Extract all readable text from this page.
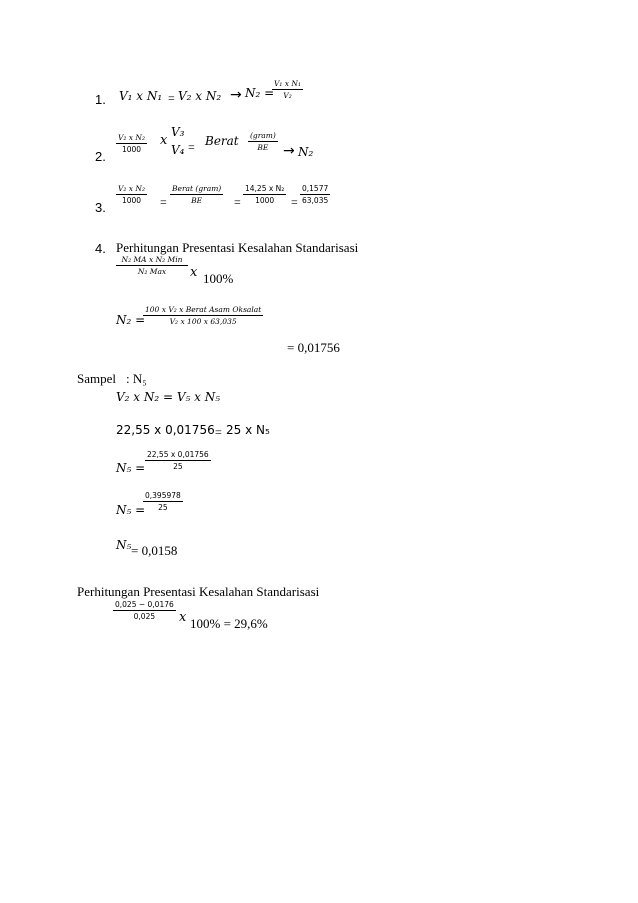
1. V₁ x N₁ = V₂ x N₂ → N₂ =
V₁ x N₁
V₂
2.
V₂ x N₂
1000
x
V₃
V₄ = Berat (gram)
BE	→ N₂
3.
V₂ x N₂
1000	=
Berat (gram)
BE	=
14,25 x N₂
1000	=
0,1577
63,035
4. Perhitungan Presentasi Kesalahan Standarisasi
N₂ MA x N₂ Min
N₂ Max	x 100%
N₂ =
100 x V₂ x Berat Asam Oksalat
V₂ x 100 x 63,035
= 0,01756
Sampel : N₅
V₂ x N₂ = V₅ x N₅
22,55 x 0,01756 = 25 x N₅
N₅ =
22,55 x 0,01756
25
N₅ =
0,395978
25
N₅ = 0,0158
Perhitungan Presentasi Kesalahan Standarisasi
0,025 − 0,0176
0,025	x 100% = 29,6%
